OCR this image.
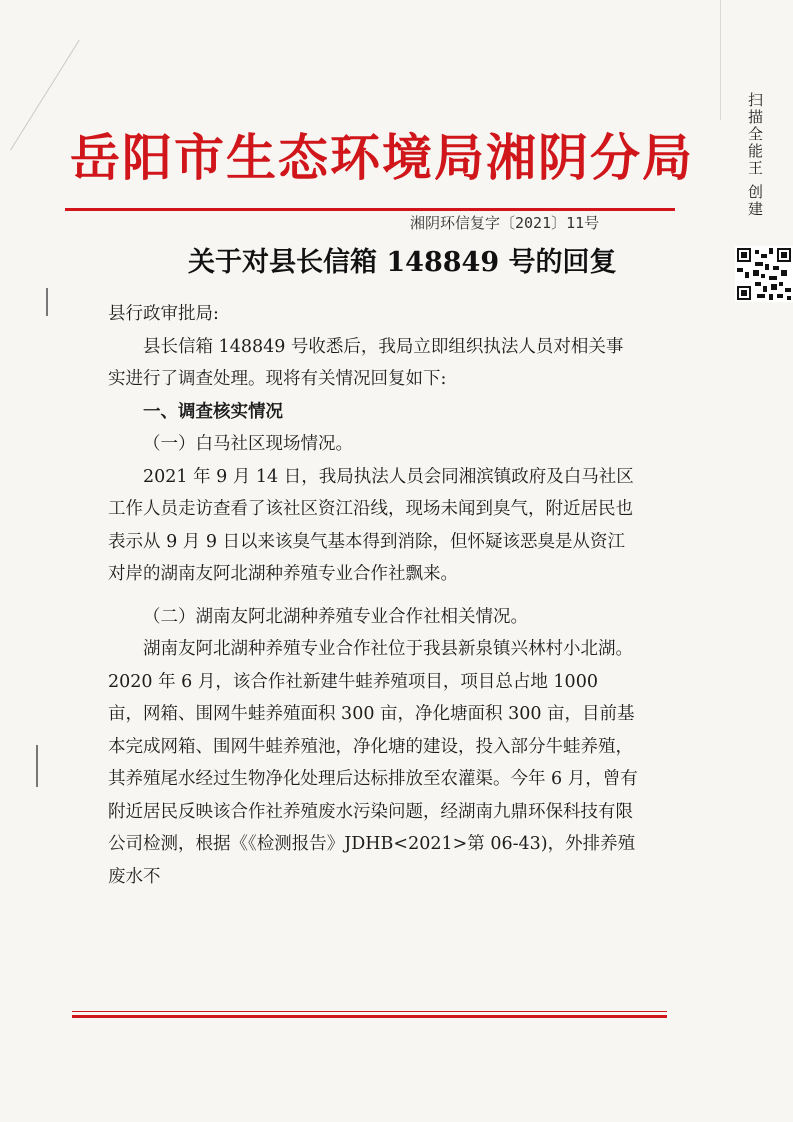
岳阳市生态环境局湘阴分局
湘阴环信复字〔2021〕11号
关于对县长信箱 148849 号的回复
扫描全能王 创建

县行政审批局:

县长信箱 148849 号收悉后，我局立即组织执法人员对相关事实进行了调查处理。现将有关情况回复如下:

一、调查核实情况

（一）白马社区现场情况。

2021 年 9 月 14 日，我局执法人员会同湘滨镇政府及白马社区工作人员走访查看了该社区资江沿线，现场未闻到臭气，附近居民也表示从 9 月 9 日以来该臭气基本得到消除，但怀疑该恶臭是从资江对岸的湖南友阿北湖种养殖专业合作社飘来。

（二）湖南友阿北湖种养殖专业合作社相关情况。

湖南友阿北湖种养殖专业合作社位于我县新泉镇兴林村小北湖。2020 年 6 月，该合作社新建牛蛙养殖项目，项目总占地 1000 亩，网箱、围网牛蛙养殖面积 300 亩，净化塘面积 300 亩，目前基本完成网箱、围网牛蛙养殖池，净化塘的建设，投入部分牛蛙养殖，其养殖尾水经过生物净化处理后达标排放至农灌渠。今年 6 月，曾有附近居民反映该合作社养殖废水污染问题，经湖南九鼎环保科技有限公司检测，根据《《检测报告》JDHB<2021>第 06-43)，外排养殖废水不
